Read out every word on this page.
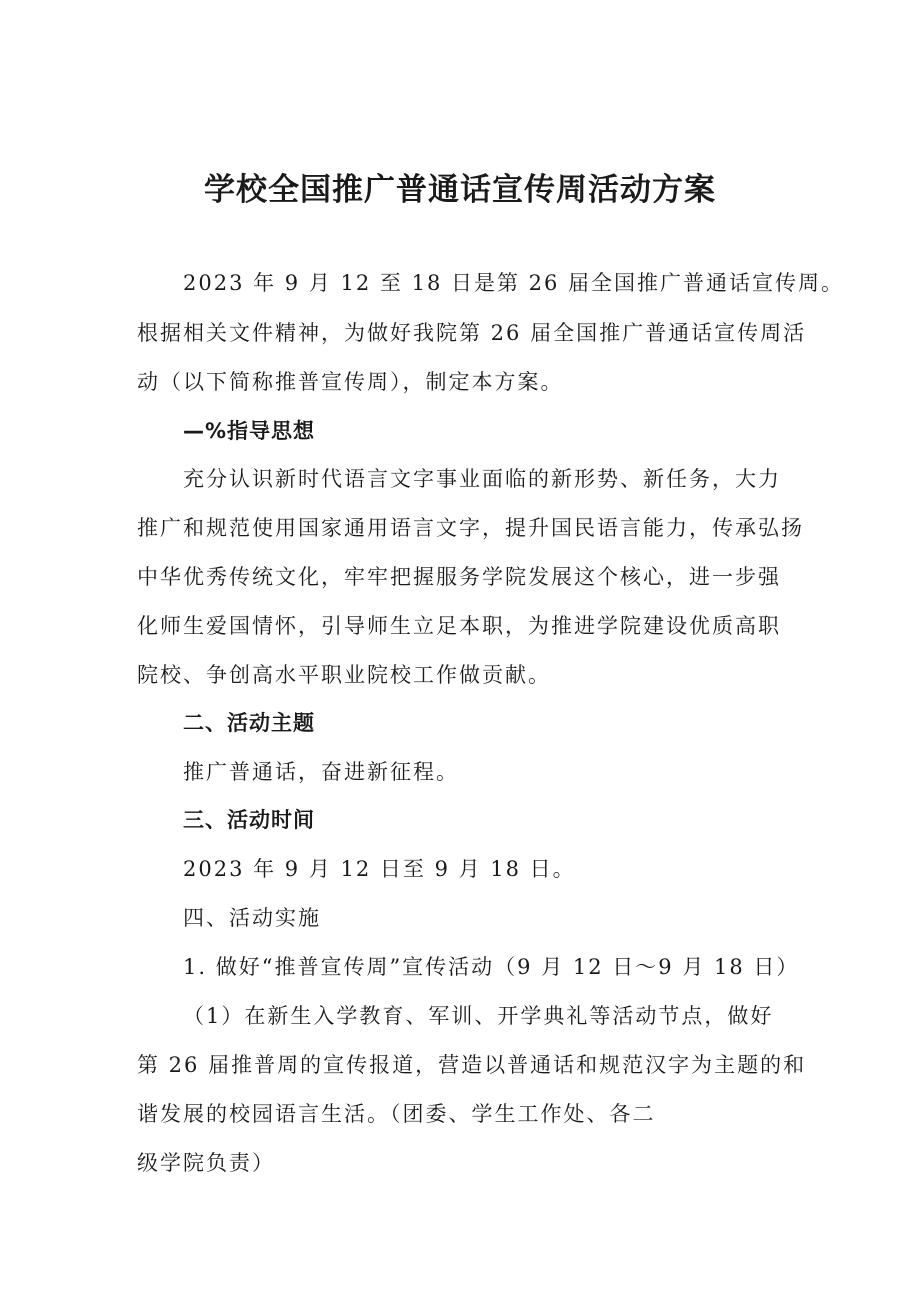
学校全国推广普通话宣传周活动方案
2023 年 9 月 12 至 18 日是第 26 届全国推广普通话宣传周。
根据相关文件精神，为做好我院第 26 届全国推广普通话宣传周活
动（以下简称推普宣传周），制定本方案。
—%指导思想
充分认识新时代语言文字事业面临的新形势、新任务，大力
推广和规范使用国家通用语言文字，提升国民语言能力，传承弘扬
中华优秀传统文化，牢牢把握服务学院发展这个核心，进一步强
化师生爱国情怀，引导师生立足本职，为推进学院建设优质高职
院校、争创高水平职业院校工作做贡献。
二、活动主题
推广普通话，奋进新征程。
三、活动时间
2023 年 9 月 12 日至 9 月 18 日。
四、活动实施
1. 做好“推普宣传周”宣传活动（9 月 12 日～9 月 18 日）
（1）在新生入学教育、军训、开学典礼等活动节点，做好
第 26 届推普周的宣传报道，营造以普通话和规范汉字为主题的和
谐发展的校园语言生活。（团委、学生工作处、各二
级学院负责）
